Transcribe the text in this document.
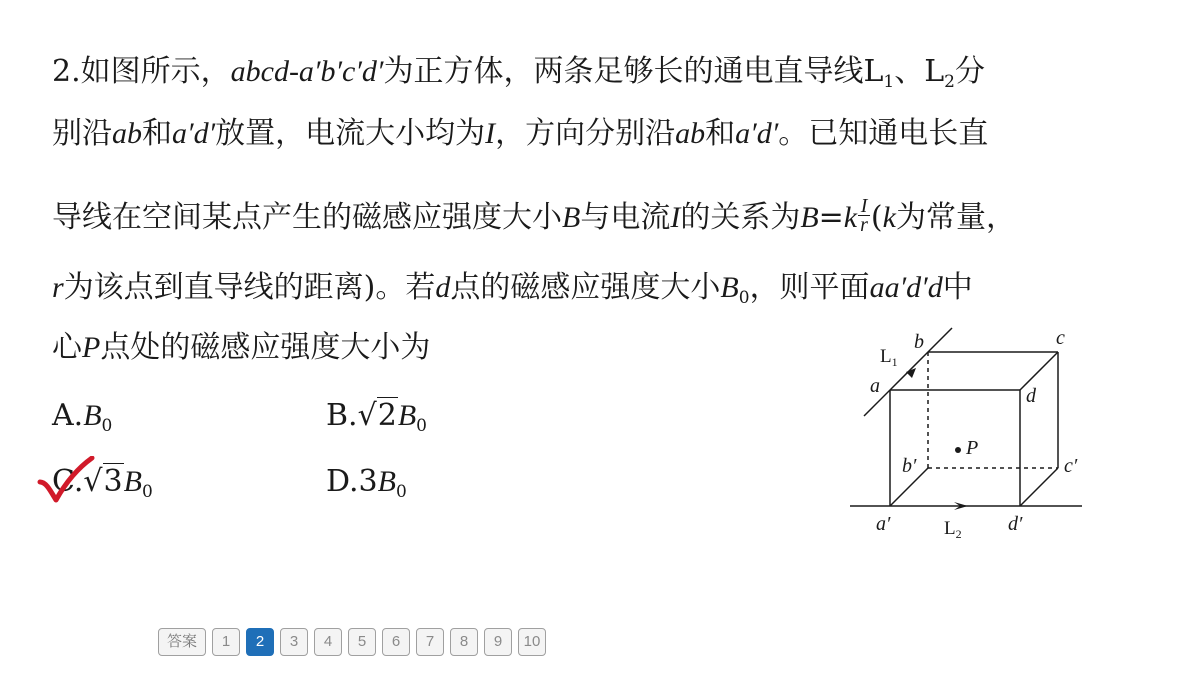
2.如图所示，abcd-a′b′c′d′为正方体，两条足够长的通电直导线$L_1$、$L_2$分
别沿ab和a′d′放置，电流大小均为I，方向分别沿ab和a′d′。已知通电长直
导线在空间某点产生的磁感应强度大小B与电流I的关系为$B=k \frac{I}{r} (k$为常量，
r为该点到直导线的距离)。若d点的磁感应强度大小$B_0$，则平面aa′d′d中
心P点处的磁感应强度大小为
$A.B_0$	$B.√2B_0$
$C.√3B_0$	$D.3B_0$
b	c
a	d
b′	c′
a′	d′
P
$L_1$
$L_2$
答案	1	2	3	4	5	6	7	8	9	10
